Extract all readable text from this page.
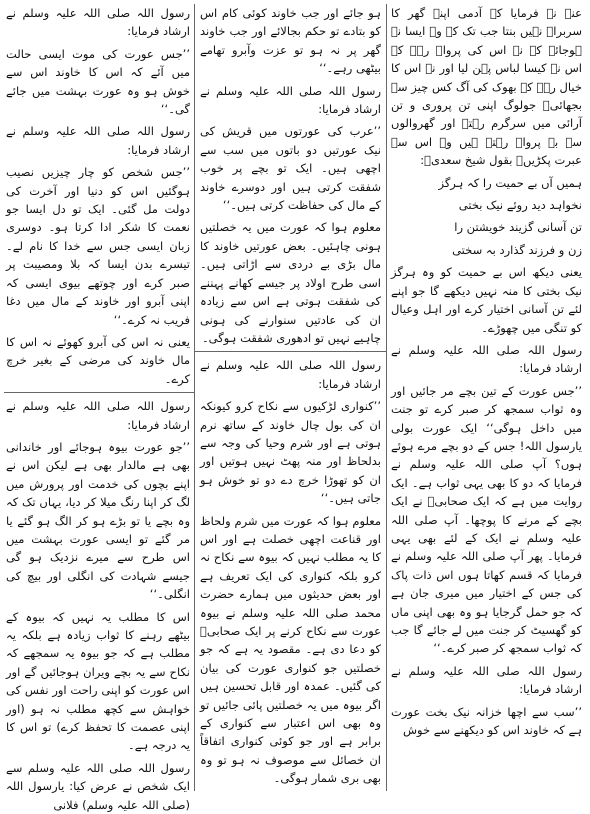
عنہ نے فرمایا کہ آدمی اپنے گھر کا سربراہ نہیں بنتا جب تک کہ وہ ایسا نہ ہوجائے کہ نہ اس کی پرواہ رہے کہ اس نے کیسا لباس پہن لیا اور نہ اس کا خیال رہے کہ بھوک کی آگ کس چیز سے بجھائی۔ جولوگ اپنی تن پروری و تن آرائی میں سرگرم رہتے اور گھروالوں سے بے پرواہ رہتے ہیں وہ اس سے عبرت پکڑیں۔ بقول شیخ سعدیؒ:

ہمیں آں بے حمیت را کہ ہرگز

نخواہد دید روئے نیک بختی

تن آسانی گزیند خویشتن را

زن و فرزند گذارد بہ سختی

یعنی دیکھ اس بے حمیت کو وہ ہرگز نیک بختی کا منہ نہیں دیکھے گا جو اپنے لئے تن آسانی اختیار کرے اور اہل وعیال کو تنگی میں چھوڑے۔

رسول اللہ صلی اللہ علیہ وسلم نے ارشاد فرمایا:

’’جس عورت کے تین بچے مر جائیں اور وہ ثواب سمجھ کر صبر کرے تو جنت میں داخل ہوگی‘‘ ایک عورت بولی یارسول اللہ! جس کے دو بچے مرے ہوئے ہوں؟ آپ صلی اللہ علیہ وسلم نے فرمایا کہ دو کا بھی یہی ثواب ہے۔ ایک روایت میں ہے کہ ایک صحابیؓ نے ایک بچے کے مرنے کا پوچھا۔ آپ صلی اللہ علیہ وسلم نے ایک کے لئے بھی یہی فرمایا۔ پھر آپ صلی اللہ علیہ وسلم نے فرمایا کہ قسم کھاتا ہوں اس ذات پاک کی جس کے اختیار میں میری جان ہے کہ جو حمل گرجایا ہو وہ بھی اپنی ماں کو گھسیٹ کر جنت میں لے جائے گا جب کہ ثواب سمجھ کر صبر کرے۔‘‘

رسول اللہ صلی اللہ علیہ وسلم نے ارشاد فرمایا:

’’سب سے اچھا خزانہ نیک بخت عورت ہے کہ خاوند اس کو دیکھنے سے خوش

ہو جائے اور جب خاوند کوئی کام اس کو بتادے تو حکم بجالائے اور جب خاوند گھر پر نہ ہو تو عزت وآبرو تھامے بیٹھی رہے۔‘‘

رسول اللہ صلی اللہ علیہ وسلم نے ارشاد فرمایا:

’’عرب کی عورتوں میں قریش کی نیک عورتیں دو باتوں میں سب سے اچھی ہیں۔ ایک تو بچے پر خوب شفقت کرتی ہیں اور دوسرے خاوند کے مال کی حفاظت کرتی ہیں۔‘‘

معلوم ہوا کہ عورت میں یہ خصلتیں ہونی چاہئیں۔ بعض عورتیں خاوند کا مال بڑی بے دردی سے اڑاتی ہیں۔ اسی طرح اولاد پر جیسے کھانے پہننے کی شفقت ہوتی ہے اس سے زیادہ ان کی عادتیں سنوارنے کی ہونی چاہیے نہیں تو ادھوری شفقت ہوگی۔

رسول اللہ صلی اللہ علیہ وسلم نے ارشاد فرمایا:

’’کنواری لڑکیوں سے نکاح کرو کیونکہ ان کی بول چال خاوند کے ساتھ نرم ہوتی ہے اور شرم وحیا کی وجہ سے بدلحاظ اور منہ پھٹ نہیں ہوتیں اور ان کو تھوڑا خرچ دے دو تو خوش ہو جاتی ہیں۔‘‘

معلوم ہوا کہ عورت میں شرم ولحاظ اور قناعت اچھی خصلت ہے اور اس کا یہ مطلب نہیں کہ بیوہ سے نکاح نہ کرو بلکہ کنواری کی ایک تعریف ہے اور بعض حدیثوں میں ہمارے حضرت محمد صلی اللہ علیہ وسلم نے بیوہ عورت سے نکاح کرنے پر ایک صحابیؓ کو دعا دی ہے۔ مقصود یہ ہے کہ جو خصلتیں جو کنواری عورت کی بیان کی گئیں۔ عمدہ اور قابل تحسین ہیں اگر بیوہ میں یہ خصلتیں پائی جائیں تو وہ بھی اس اعتبار سے کنواری کے برابر ہے اور جو کوئی کنواری اتفاقاً ان خصائل سے موصوف نہ ہو تو وہ بھی بری شمار ہوگی۔

رسول اللہ صلی اللہ علیہ وسلم نے ارشاد فرمایا:

’’جس عورت کی موت ایسی حالت میں آئے کہ اس کا خاوند اس سے خوش ہو وہ عورت بہشت میں جائے گی۔‘‘

رسول اللہ صلی اللہ علیہ وسلم نے ارشاد فرمایا:

’’جس شخص کو چار چیزیں نصیب ہوگئیں اس کو دنیا اور آخرت کی دولت مل گئی۔ ایک تو دل ایسا جو نعمت کا شکر ادا کرتا ہو۔ دوسری زبان ایسی جس سے خدا کا نام لے۔ تیسرے بدن ایسا کہ بلا ومصیبت پر صبر کرے اور چوتھے بیوی ایسی کہ اپنی آبرو اور خاوند کے مال میں دغا فریب نہ کرے۔‘‘

یعنی نہ اس کی آبرو کھوئے نہ اس کا مال خاوند کی مرضی کے بغیر خرچ کرے۔

رسول اللہ صلی اللہ علیہ وسلم نے ارشاد فرمایا:

’’جو عورت بیوہ ہوجائے اور خاندانی بھی ہے مالدار بھی ہے لیکن اس نے اپنے بچوں کی خدمت اور پرورش میں لگ کر اپنا رنگ میلا کر دیا، یہاں تک کہ وہ بچے یا تو بڑے ہو کر الگ ہو گئے یا مر گئے تو ایسی عورت بہشت میں اس طرح سے میرے نزدیک ہو گی جیسے شہادت کی انگلی اور بیچ کی انگلی۔‘‘

اس کا مطلب یہ نہیں کہ بیوہ کے بیٹھے رہنے کا ثواب زیادہ ہے بلکہ یہ مطلب ہے کہ جو بیوہ یہ سمجھے کہ نکاح سے یہ بچے ویران ہوجائیں گے اور اس عورت کو اپنی راحت اور نفس کی خواہش سے کچھ مطلب نہ ہو (اور اپنی عصمت کا تحفظ کرے) تو اس کا یہ درجہ ہے۔

رسول اللہ صلی اللہ علیہ وسلم سے ایک شخص نے عرض کیا: یارسول اللہ (صلی اللہ علیہ وسلم) فلانی
